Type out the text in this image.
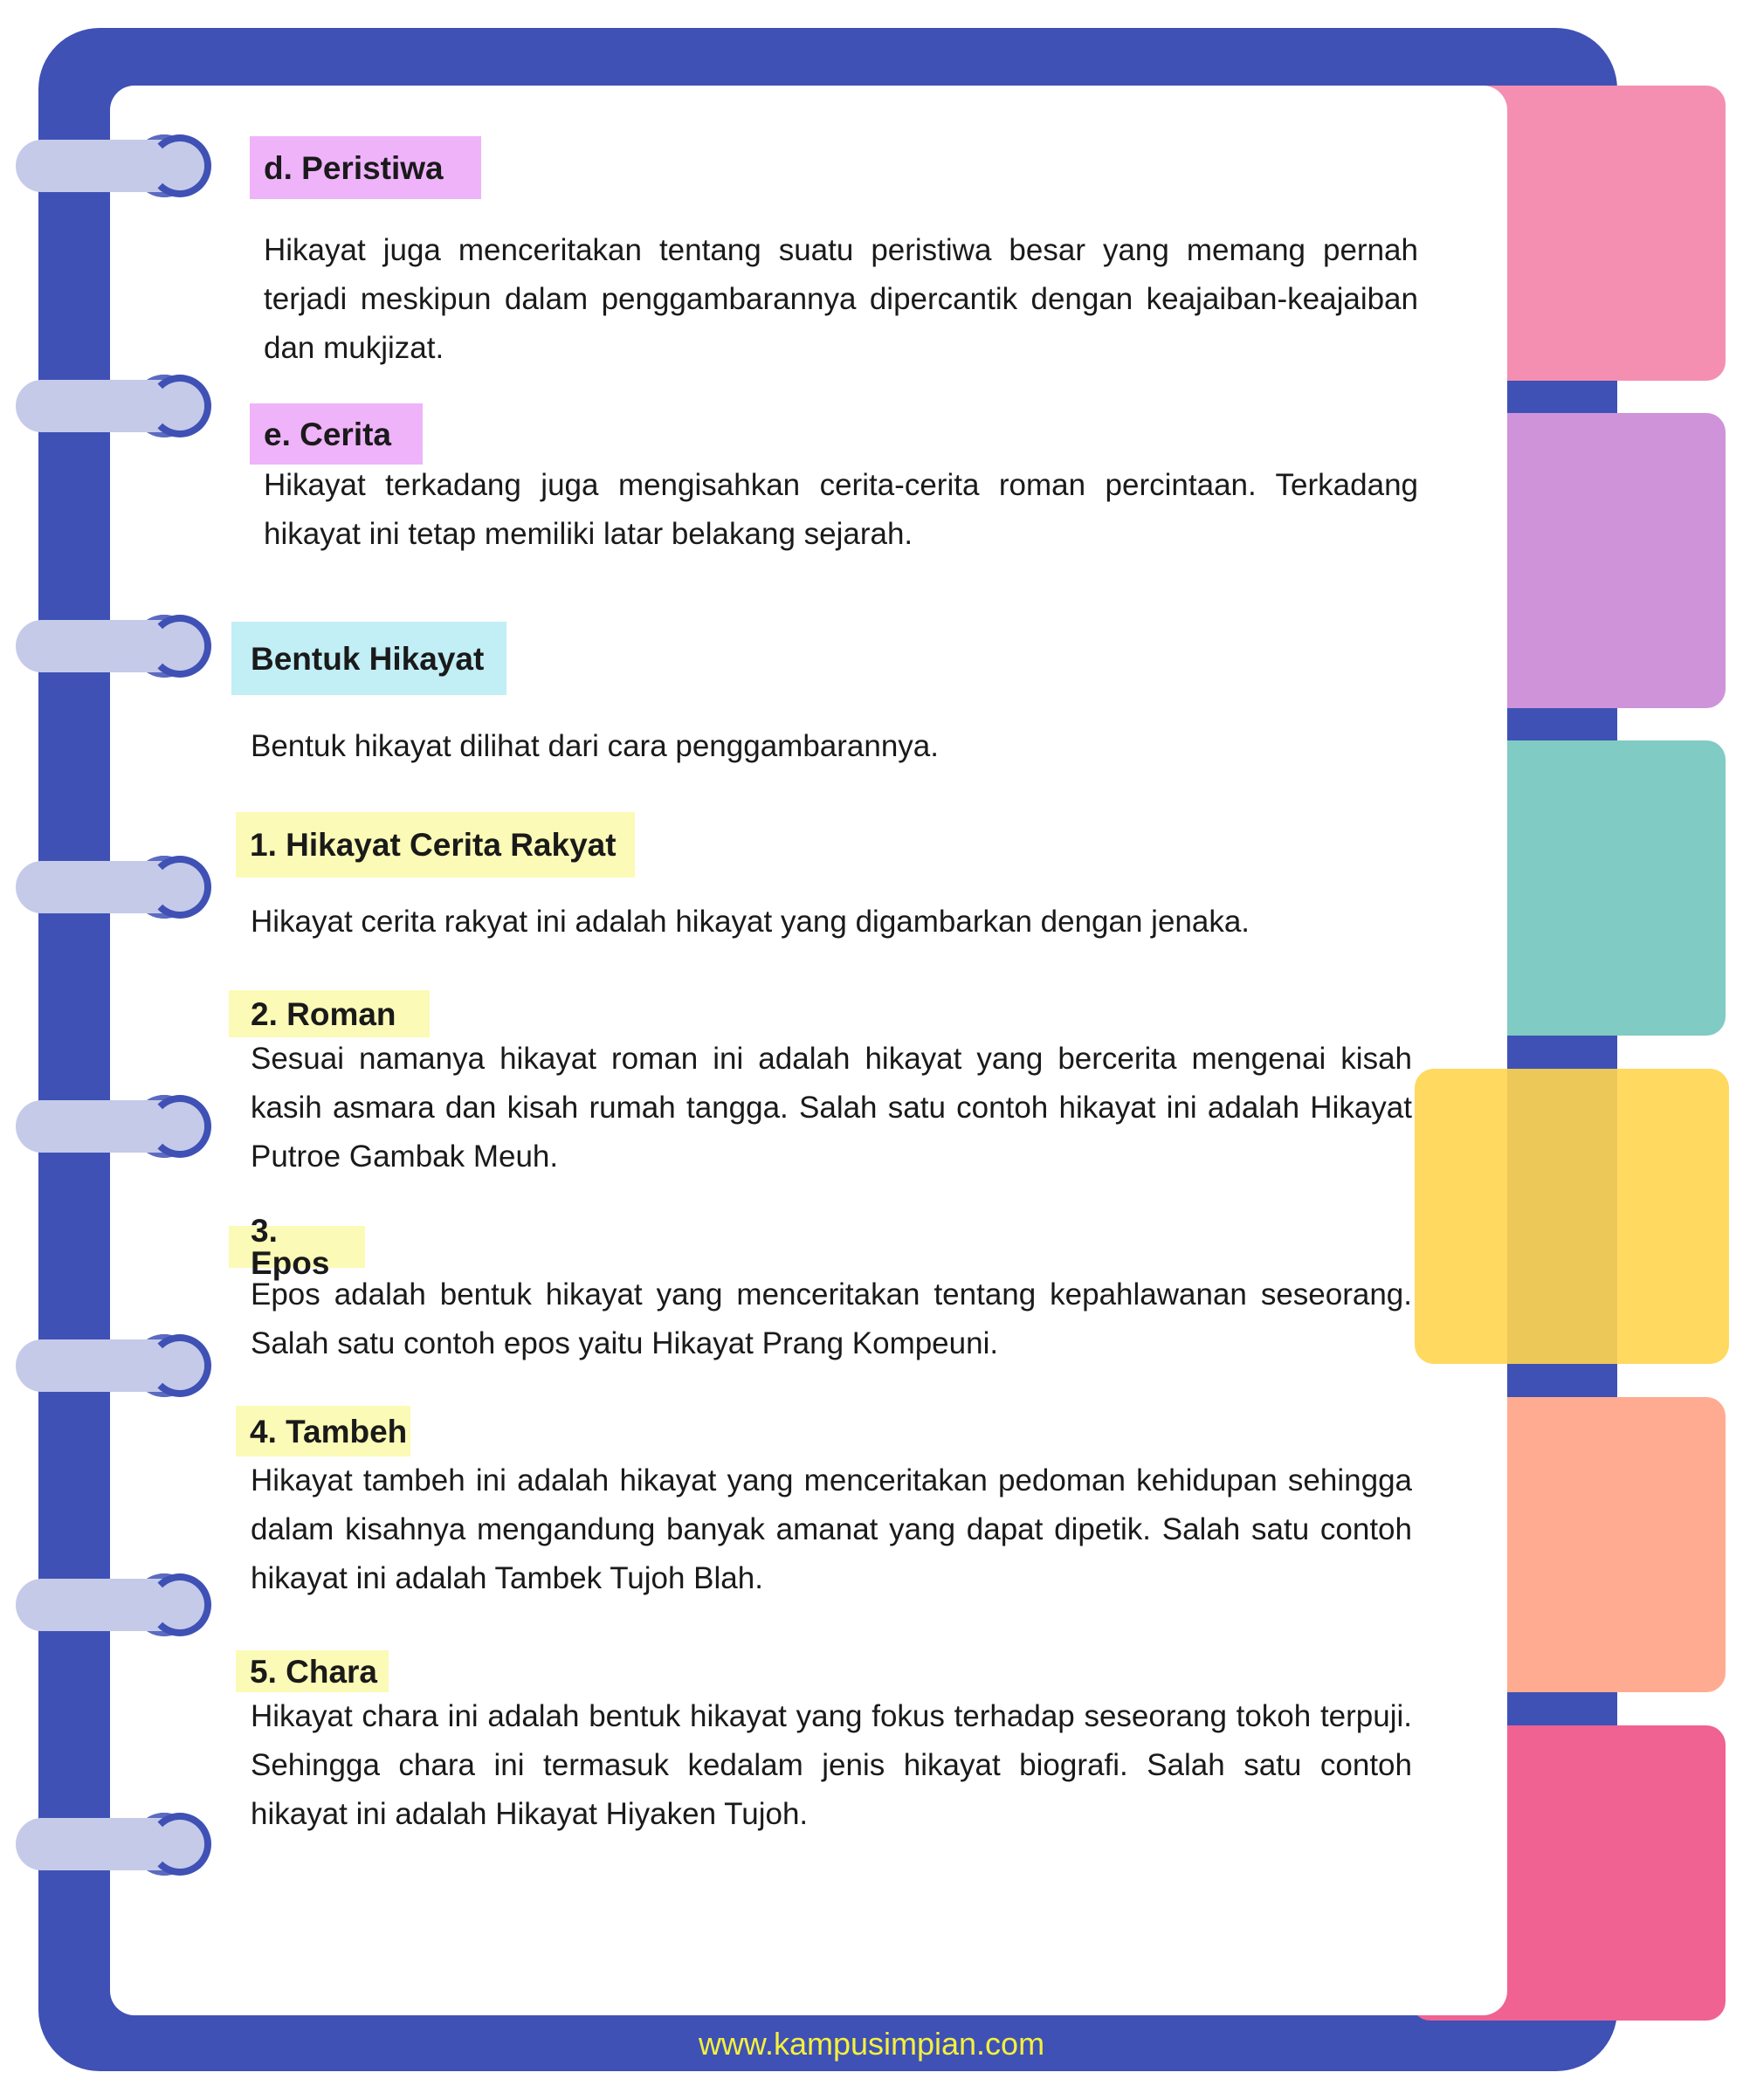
d. Peristiwa

Hikayat juga menceritakan tentang suatu peristiwa besar yang memang pernah terjadi meskipun dalam penggambarannya dipercantik dengan keajaiban-keajaiban dan mukjizat.

e. Cerita

Hikayat terkadang juga mengisahkan cerita-cerita roman percintaan. Terkadang hikayat ini tetap memiliki latar belakang sejarah.

Bentuk Hikayat

Bentuk hikayat dilihat dari cara penggambarannya.

1. Hikayat Cerita Rakyat

Hikayat cerita rakyat ini adalah hikayat yang digambarkan dengan jenaka.

2. Roman

Sesuai namanya hikayat roman ini adalah hikayat yang bercerita mengenai kisah kasih asmara dan kisah rumah tangga. Salah satu contoh hikayat ini adalah Hikayat Putroe Gambak Meuh.

3. Epos

Epos adalah bentuk hikayat yang menceritakan tentang kepahlawanan seseorang. Salah satu contoh epos yaitu Hikayat Prang Kompeuni.

4. Tambeh

Hikayat tambeh ini adalah hikayat yang menceritakan pedoman kehidupan sehingga dalam kisahnya mengandung banyak amanat yang dapat dipetik. Salah satu contoh hikayat ini adalah Tambek Tujoh Blah.

5. Chara

Hikayat chara ini adalah bentuk hikayat yang fokus terhadap seseorang tokoh terpuji. Sehingga chara ini termasuk kedalam jenis hikayat biografi. Salah satu contoh hikayat ini adalah Hikayat Hiyaken Tujoh.

www.kampusimpian.com
